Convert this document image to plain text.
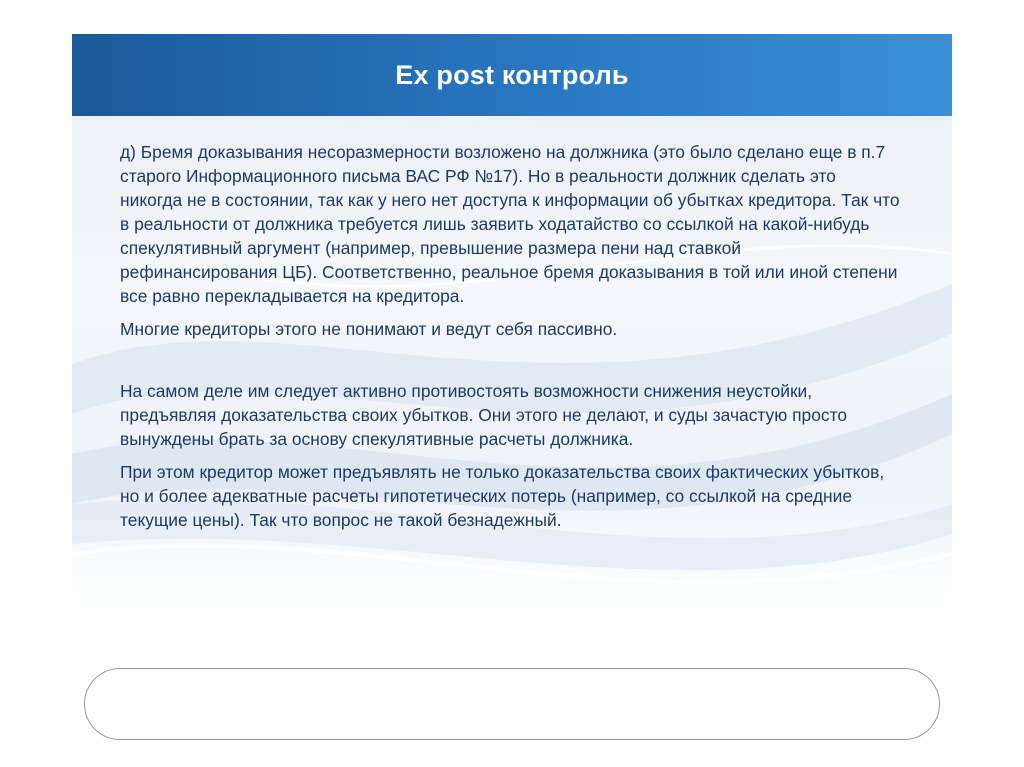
Ex post контроль

д) Бремя доказывания несоразмерности возложено на должника (это было сделано еще в п.7 старого Информационного письма ВАС РФ №17). Но в реальности должник сделать это никогда не в состоянии, так как у него нет доступа к информации об убытках кредитора. Так что в реальности от должника требуется лишь заявить ходатайство со ссылкой на какой-нибудь спекулятивный аргумент (например, превышение размера пени над ставкой рефинансирования ЦБ). Соответственно, реальное бремя доказывания в той или иной степени все равно перекладывается на кредитора.

Многие кредиторы этого не понимают и ведут себя пассивно.

На самом деле им следует активно противостоять возможности снижения неустойки, предъявляя доказательства своих убытков. Они этого не делают, и суды зачастую просто вынуждены брать за основу спекулятивные расчеты должника.

При этом кредитор может предъявлять не только доказательства своих фактических убытков, но и более адекватные расчеты гипотетических потерь (например, со ссылкой на средние текущие цены). Так что вопрос не такой безнадежный.
